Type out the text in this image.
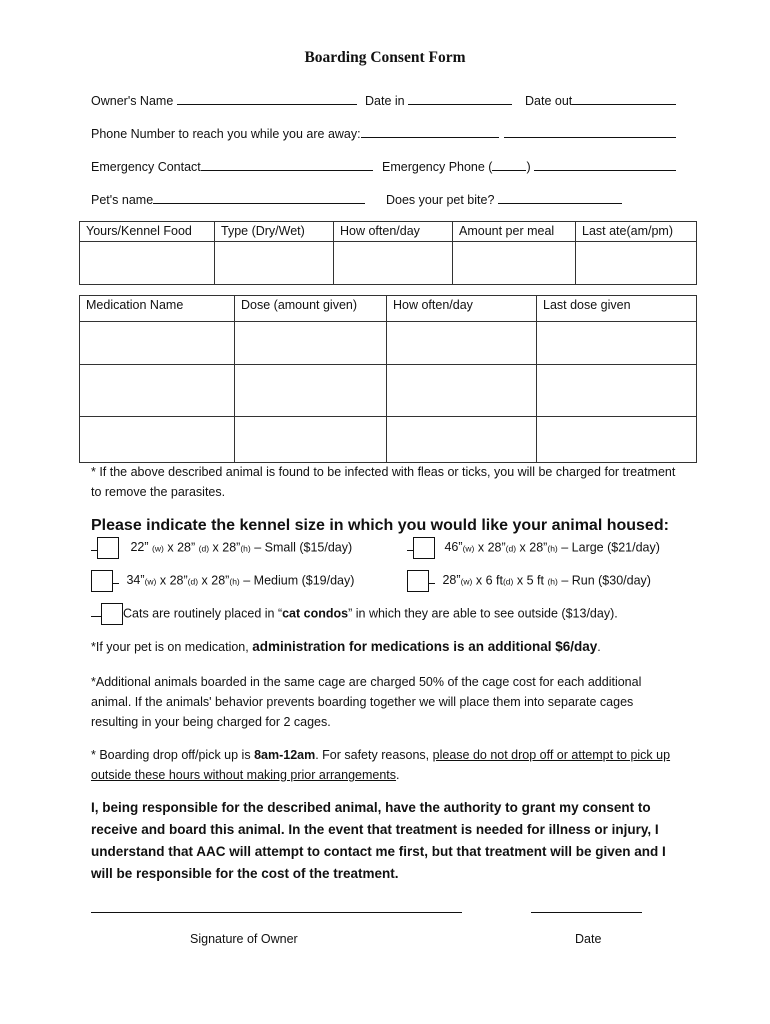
Boarding Consent Form
Owner's Name	Date in	Date out
Phone Number to reach you while you are away:
Emergency Contact	Emergency Phone (	)
Pet's name	Does your pet bite?
Yours/Kennel Food	Type (Dry/Wet)	How often/day	Amount per meal	Last ate(am/pm)

Medication Name	Dose (amount given)	How often/day	Last dose given

* If the above described animal is found to be infected with fleas or ticks, you will be charged for treatment to remove the parasites.
Please indicate the kennel size in which you would like your animal housed:
22” (w) x 28” (d) x 28”(h) – Small ($15/day)	46”(w) x 28”(d) x 28”(h) – Large ($21/day)
34”(w) x 28”(d) x 28”(h) – Medium ($19/day)	28”(w) x 6 ft(d) x 5 ft (h) – Run ($30/day)
Cats are routinely placed in “cat condos” in which they are able to see outside ($13/day).
*If your pet is on medication, administration for medications is an additional $6/day.
*Additional animals boarded in the same cage are charged 50% of the cage cost for each additional animal. If the animals' behavior prevents boarding together we will place them into separate cages resulting in your being charged for 2 cages.
* Boarding drop off/pick up is 8am-12am. For safety reasons, please do not drop off or attempt to pick up outside these hours without making prior arrangements.
I, being responsible for the described animal, have the authority to grant my consent to receive and board this animal. In the event that treatment is needed for illness or injury, I understand that AAC will attempt to contact me first, but that treatment will be given and I will be responsible for the cost of the treatment.
Signature of Owner	Date
